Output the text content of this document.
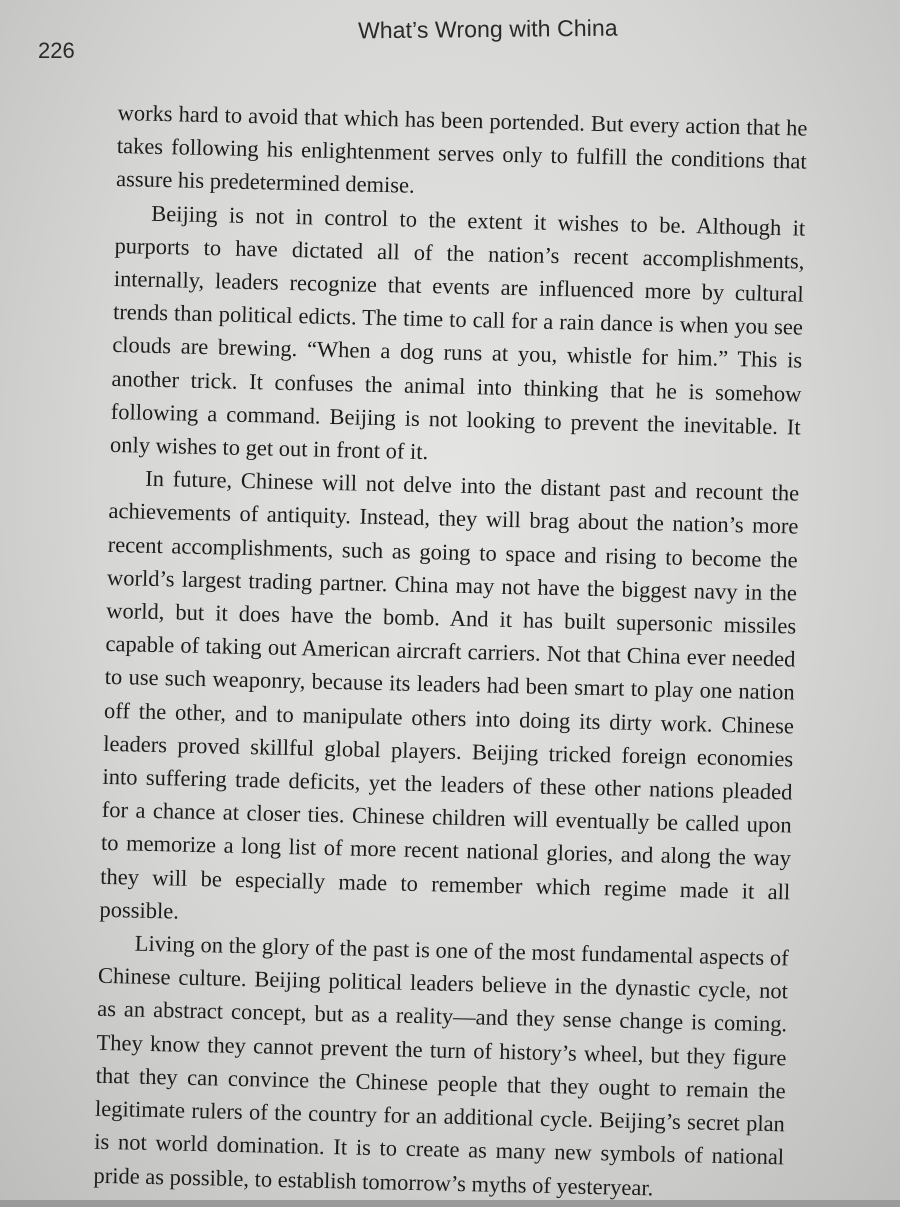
226
What’s Wrong with China

works hard to avoid that which has been portended. But every action that he takes following his enlightenment serves only to fulfill the conditions that assure his predetermined demise.

Beijing is not in control to the extent it wishes to be. Although it purports to have dictated all of the nation’s recent accomplishments, internally, leaders recognize that events are influenced more by cultural trends than political edicts. The time to call for a rain dance is when you see clouds are brewing. “When a dog runs at you, whistle for him.” This is another trick. It confuses the animal into thinking that he is somehow following a command. Beijing is not looking to prevent the inevitable. It only wishes to get out in front of it.

In future, Chinese will not delve into the distant past and recount the achievements of antiquity. Instead, they will brag about the nation’s more recent accomplishments, such as going to space and rising to become the world’s largest trading partner. China may not have the biggest navy in the world, but it does have the bomb. And it has built supersonic missiles capable of taking out American aircraft carriers. Not that China ever needed to use such weaponry, because its leaders had been smart to play one nation off the other, and to manipulate others into doing its dirty work. Chinese leaders proved skillful global players. Beijing tricked foreign economies into suffering trade deficits, yet the leaders of these other nations pleaded for a chance at closer ties. Chinese children will eventually be called upon to memorize a long list of more recent national glories, and along the way they will be especially made to remember which regime made it all possible.

Living on the glory of the past is one of the most fundamental aspects of Chinese culture. Beijing political leaders believe in the dynastic cycle, not as an abstract concept, but as a reality—and they sense change is coming. They know they cannot prevent the turn of history’s wheel, but they figure that they can convince the Chinese people that they ought to remain the legitimate rulers of the country for an additional cycle. Beijing’s secret plan is not world domination. It is to create as many new symbols of national pride as possible, to establish tomorrow’s myths of yesteryear.
